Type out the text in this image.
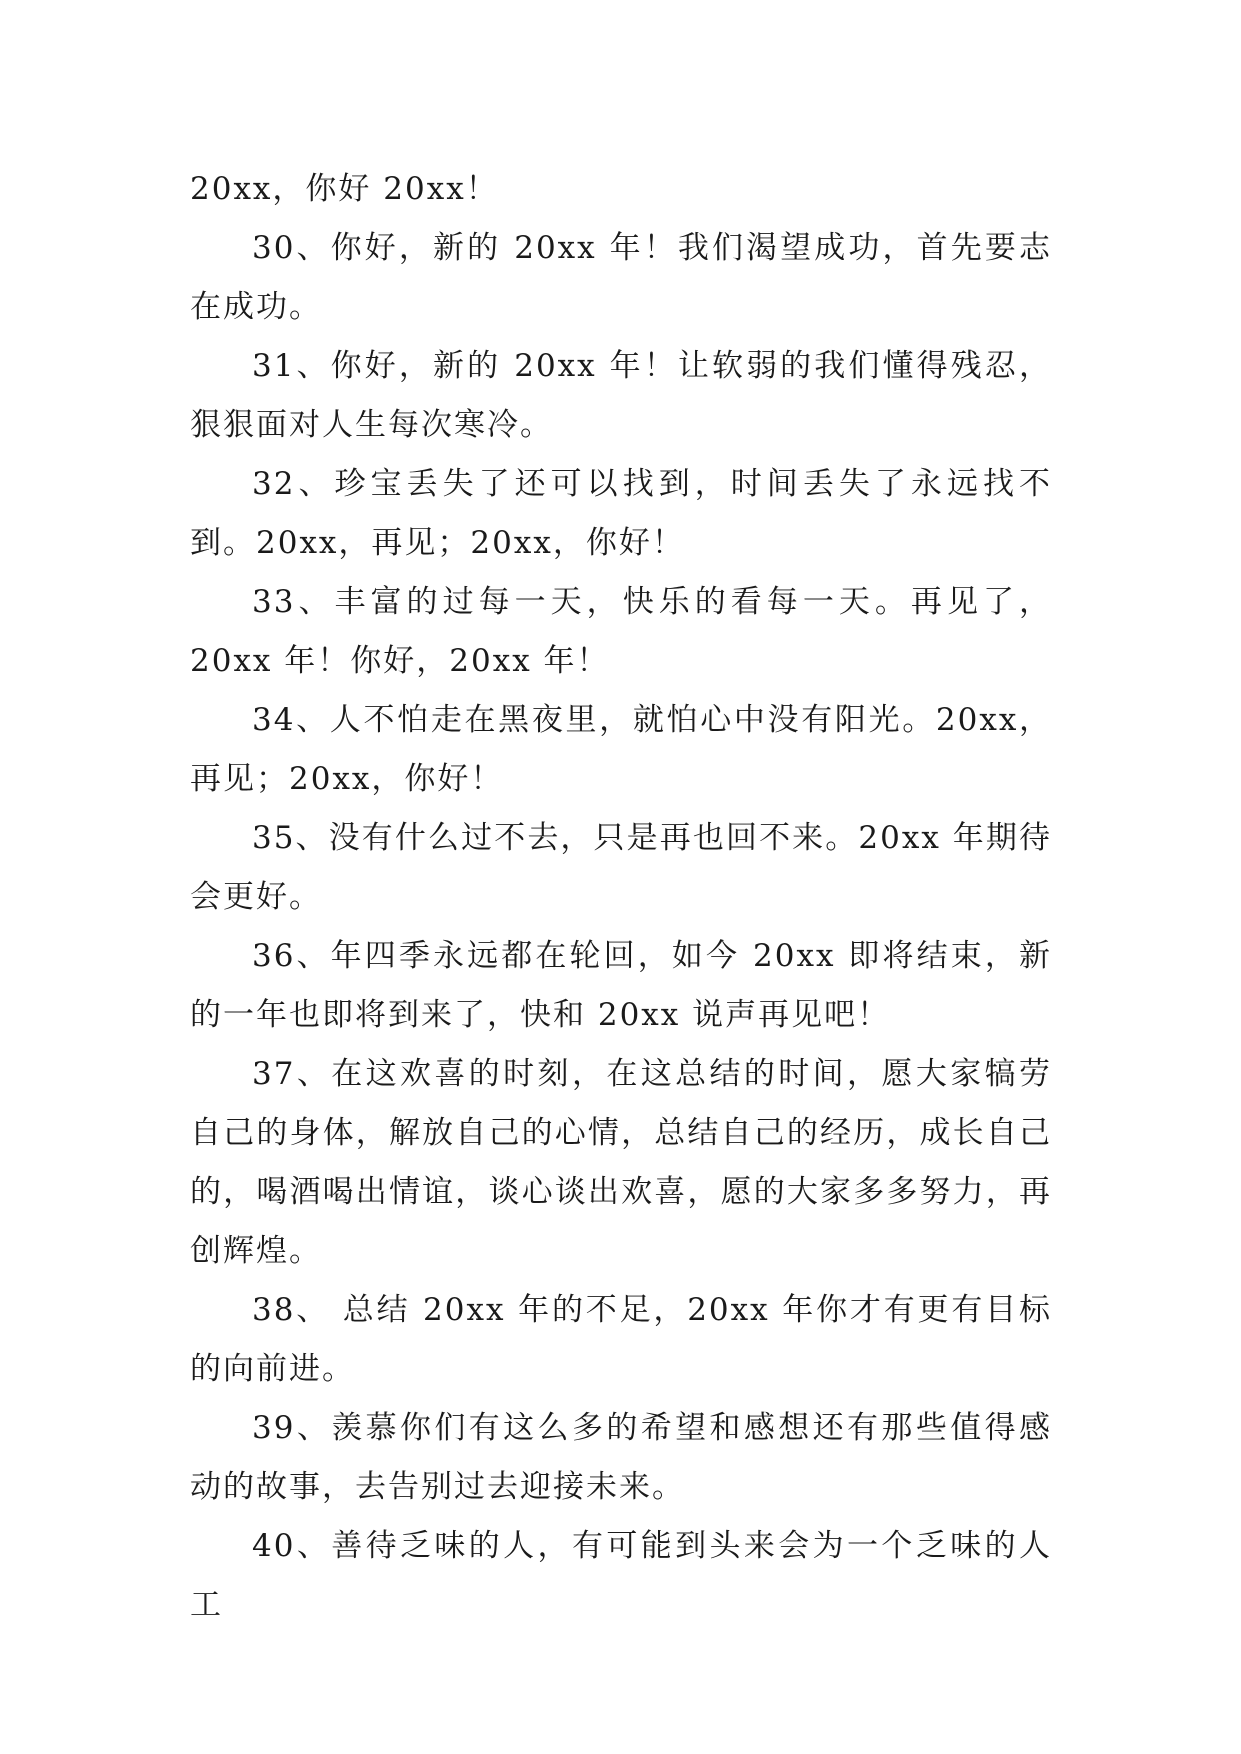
20xx，你好 20xx！

30、你好，新的 20xx 年！我们渴望成功，首先要志在成功。

31、你好，新的 20xx 年！让软弱的我们懂得残忍，狠狠面对人生每次寒冷。

32、珍宝丢失了还可以找到，时间丢失了永远找不到。20xx，再见；20xx，你好！

33、丰富的过每一天，快乐的看每一天。再见了，20xx 年！你好，20xx 年！

34、人不怕走在黑夜里，就怕心中没有阳光。20xx，再见；20xx，你好！

35、没有什么过不去，只是再也回不来。20xx 年期待会更好。

36、年四季永远都在轮回，如今 20xx 即将结束，新的一年也即将到来了，快和 20xx 说声再见吧！

37、在这欢喜的时刻，在这总结的时间，愿大家犒劳自己的身体，解放自己的心情，总结自己的经历，成长自己的，喝酒喝出情谊，谈心谈出欢喜，愿的大家多多努力，再创辉煌。

38、 总结 20xx 年的不足，20xx 年你才有更有目标的向前进。

39、羡慕你们有这么多的希望和感想还有那些值得感动的故事，去告别过去迎接未来。

40、善待乏味的人，有可能到头来会为一个乏味的人工
